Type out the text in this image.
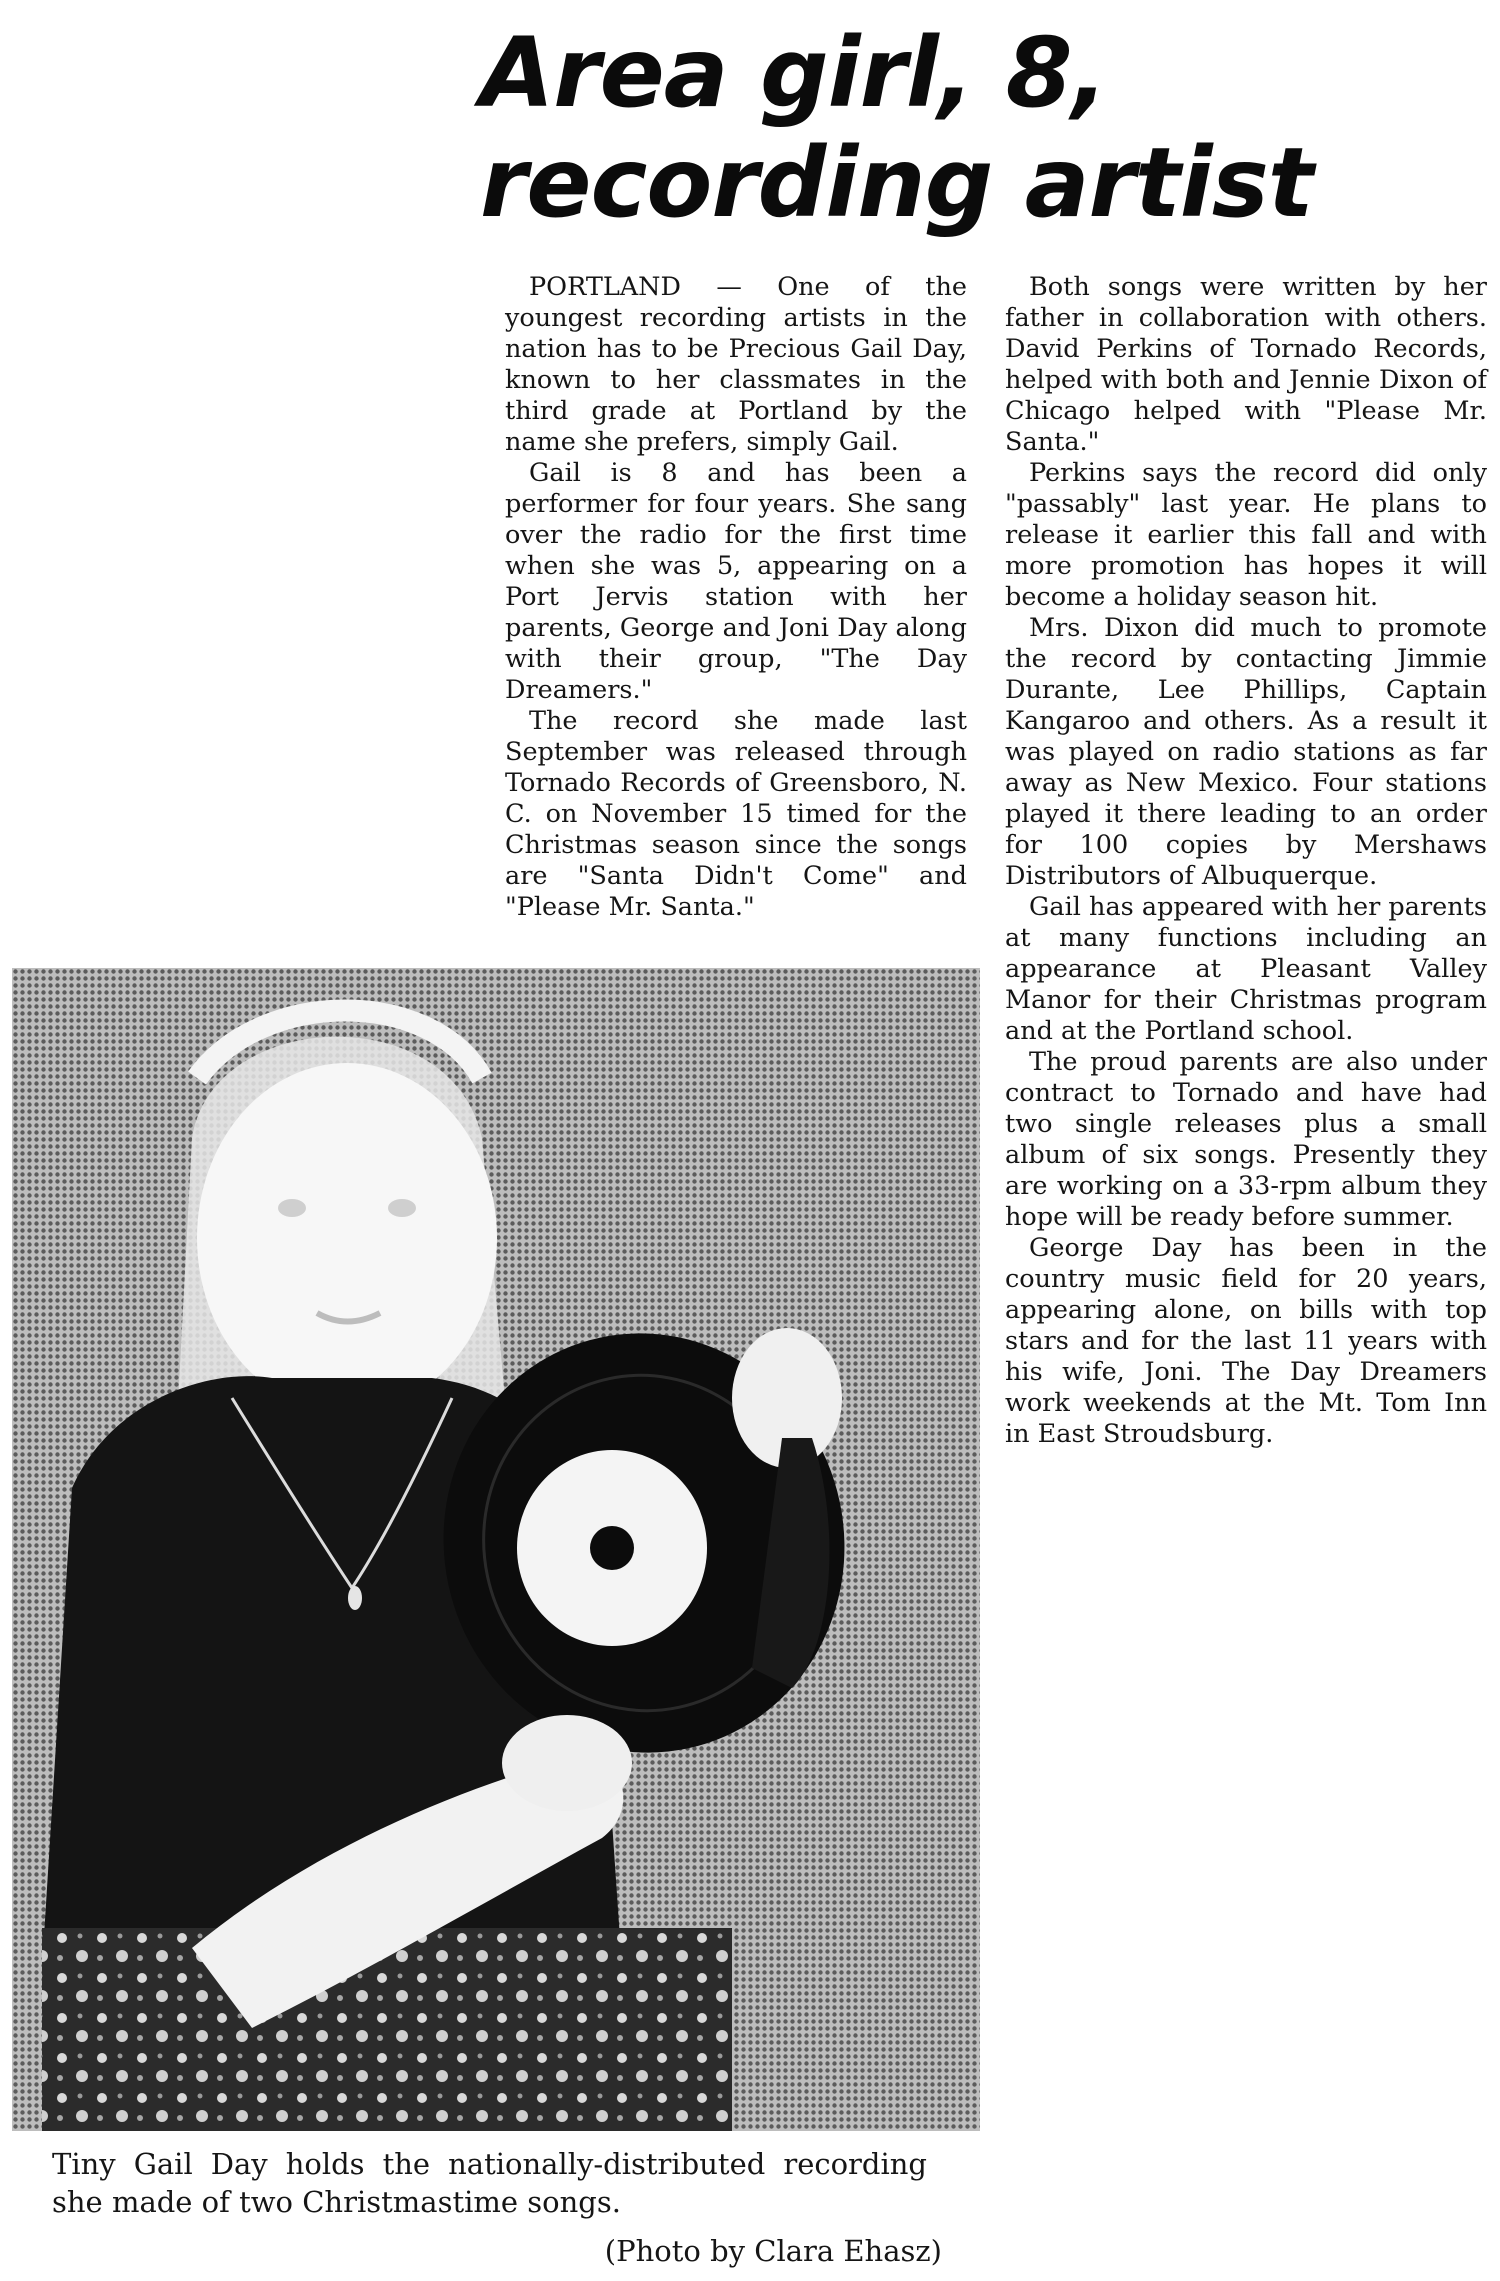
Area girl, 8,
recording artist

PORTLAND — One of the youngest recording artists in the nation has to be Precious Gail Day, known to her classmates in the third grade at Portland by the name she prefers, simply Gail.

Gail is 8 and has been a performer for four years. She sang over the radio for the first time when she was 5, appearing on a Port Jervis station with her parents, George and Joni Day along with their group, "The Day Dreamers."

The record she made last September was released through Tornado Records of Greensboro, N. C. on November 15 timed for the Christmas season since the songs are "Santa Didn't Come" and "Please Mr. Santa."

Both songs were written by her father in collaboration with others. David Perkins of Tornado Records, helped with both and Jennie Dixon of Chicago helped with "Please Mr. Santa."

Perkins says the record did only "passably" last year. He plans to release it earlier this fall and with more promotion has hopes it will become a holiday season hit.

Mrs. Dixon did much to promote the record by contacting Jimmie Durante, Lee Phillips, Captain Kangaroo and others. As a result it was played on radio stations as far away as New Mexico. Four stations played it there leading to an order for 100 copies by Mershaws Distributors of Albuquerque.

Gail has appeared with her parents at many functions including an appearance at Pleasant Valley Manor for their Christmas program and at the Portland school.

The proud parents are also under contract to Tornado and have had two single releases plus a small album of six songs. Presently they are working on a 33-rpm album they hope will be ready before summer.

George Day has been in the country music field for 20 years, appearing alone, on bills with top stars and for the last 11 years with his wife, Joni. The Day Dreamers work weekends at the Mt. Tom Inn in East Stroudsburg.

Tiny Gail Day holds the nationally-distributed recording she made of two Christmastime songs.
(Photo by Clara Ehasz)
